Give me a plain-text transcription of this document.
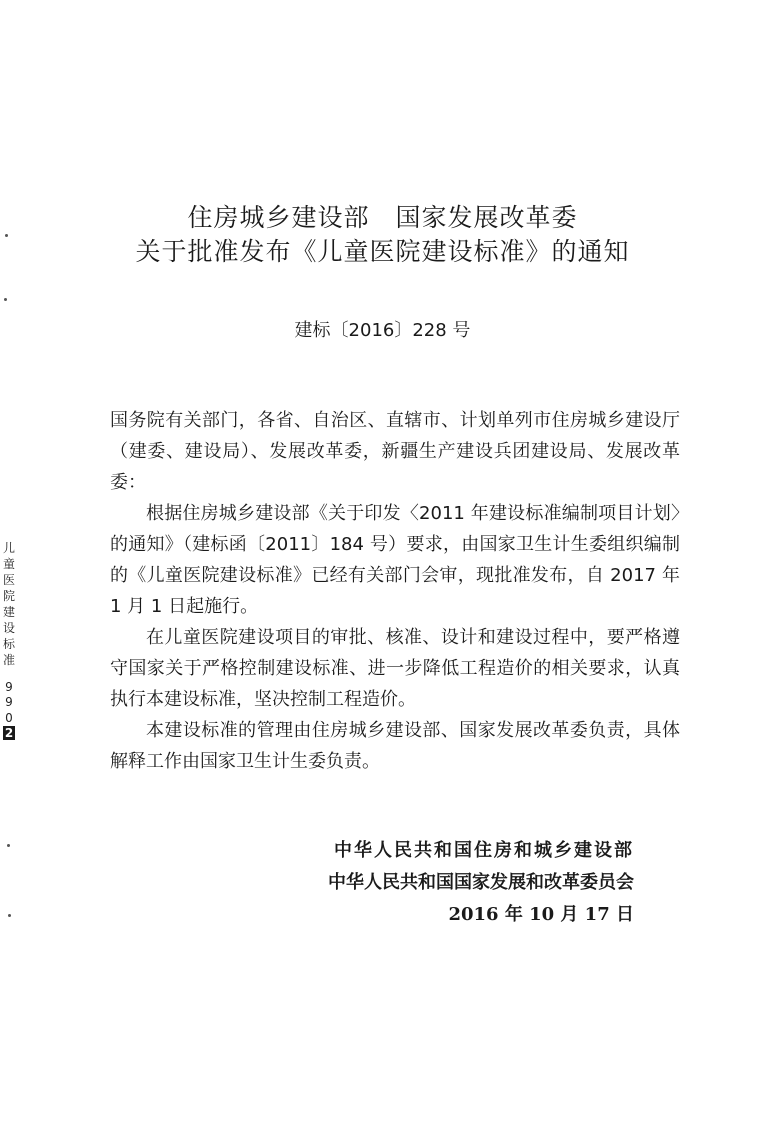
住房城乡建设部　国家发展改革委
关于批准发布《儿童医院建设标准》的通知
建标〔2016〕228 号

国务院有关部门，各省、自治区、直辖市、计划单列市住房城乡建设厅（建委、建设局）、发展改革委，新疆生产建设兵团建设局、发展改革委：

根据住房城乡建设部《关于印发〈2011 年建设标准编制项目计划〉的通知》（建标函〔2011〕184 号）要求，由国家卫生计生委组织编制的《儿童医院建设标准》已经有关部门会审，现批准发布，自 2017 年 1 月 1 日起施行。

在儿童医院建设项目的审批、核准、设计和建设过程中，要严格遵守国家关于严格控制建设标准、进一步降低工程造价的相关要求，认真执行本建设标准，坚决控制工程造价。

本建设标准的管理由住房城乡建设部、国家发展改革委负责，具体解释工作由国家卫生计生委负责。

中华人民共和国住房和城乡建设部
中华人民共和国国家发展和改革委员会
2016 年 10 月 17 日
儿
童
医
院
建
设
标
准
9
9
0
2
